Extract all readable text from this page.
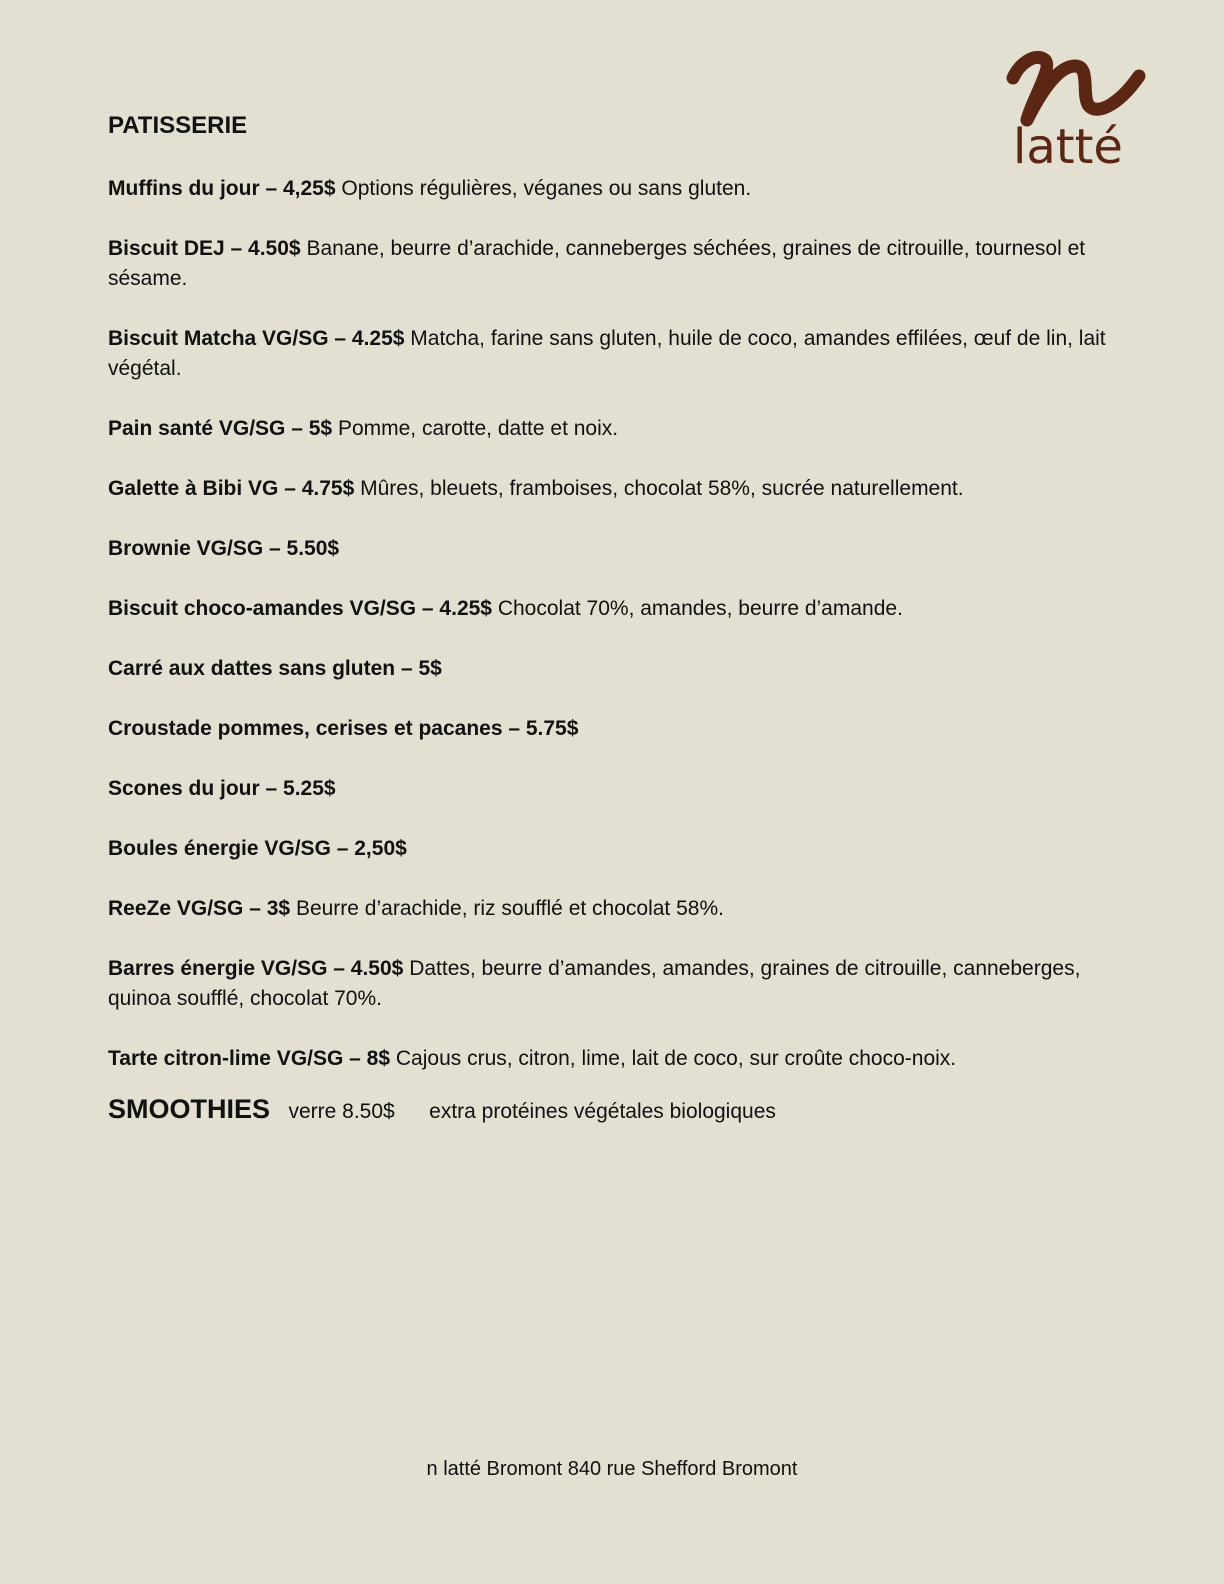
latté
PATISSERIE
Muffins du jour – 4,25$ Options régulières, véganes ou sans gluten.
Biscuit DEJ – 4.50$ Banane, beurre d’arachide, canneberges séchées, graines de citrouille, tournesol et sésame.
Biscuit Matcha VG/SG – 4.25$ Matcha, farine sans gluten, huile de coco, amandes effilées, œuf de lin, lait végétal.
Pain santé VG/SG – 5$ Pomme, carotte, datte et noix.
Galette à Bibi VG – 4.75$ Mûres, bleuets, framboises, chocolat 58%, sucrée naturellement.
Brownie VG/SG – 5.50$
Biscuit choco-amandes VG/SG – 4.25$ Chocolat 70%, amandes, beurre d’amande.
Carré aux dattes sans gluten – 5$
Croustade pommes, cerises et pacanes – 5.75$
Scones du jour – 5.25$
Boules énergie VG/SG – 2,50$
ReeZe VG/SG – 3$ Beurre d’arachide, riz soufflé et chocolat 58%.
Barres énergie VG/SG – 4.50$ Dattes, beurre d’amandes, amandes, graines de citrouille, canneberges, quinoa soufflé, chocolat 70%.
Tarte citron-lime VG/SG – 8$ Cajous crus, citron, lime, lait de coco, sur croûte choco-noix.
SMOOTHIES verre 8.50$ extra protéines végétales biologiques
n latté Bromont 840 rue Shefford Bromont
